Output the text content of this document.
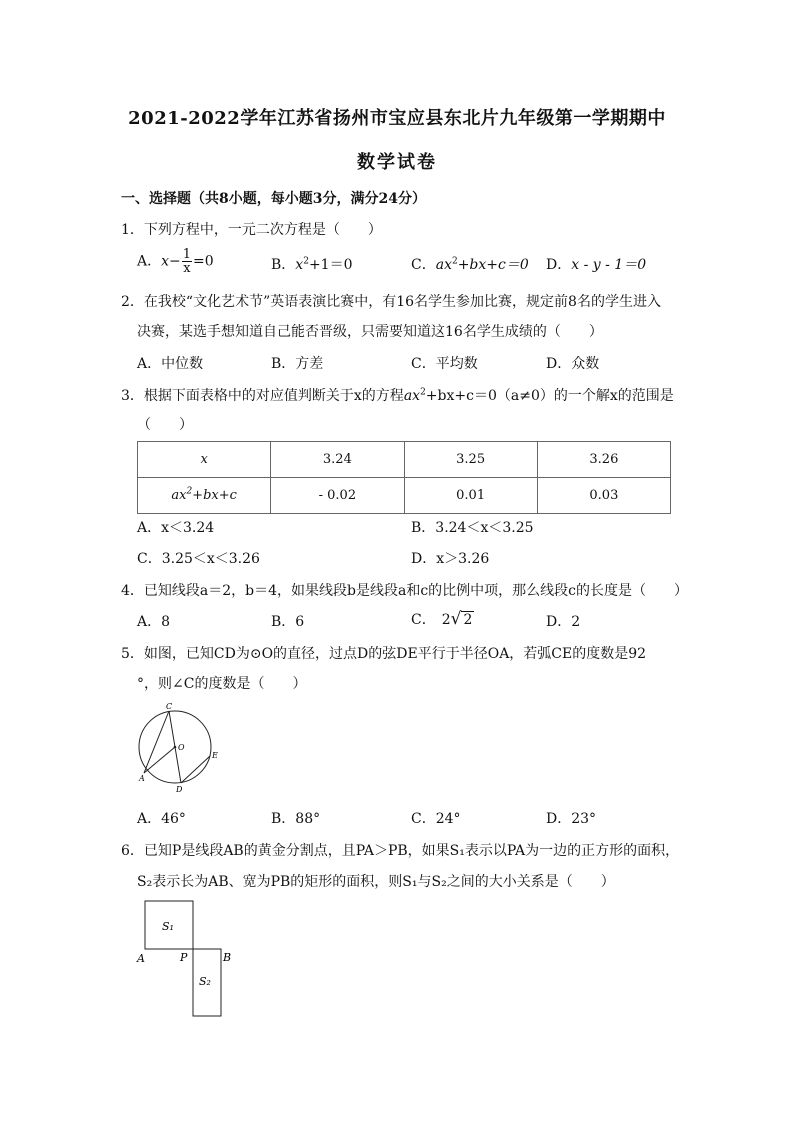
2021-2022学年江苏省扬州市宝应县东北片九年级第一学期期中
数学试卷
一、选择题（共8小题，每小题3分，满分24分）
1．下列方程中，一元二次方程是（　　）
A．$x- \frac{1}{x} =0$	B．$x^2+1=0$	C．$ax^2+bx+c=0$ D．x - y - 1＝0
2．在我校“文化艺术节”英语表演比赛中，有16名学生参加比赛，规定前8名的学生进入
决赛，某选手想知道自己能否晋级，只需要知道这16名学生成绩的（　　）
A．中位数	B．方差	C．平均数	D．众数
3．根据下面表格中的对应值判断关于x的方程$ax^2+bx+c=0(a\ne 0)$的一个解x的范围是
（　　）
x	3.24	3.25	3.26
$ax^2+bx+c$	- 0.02	0.01	0.03
A．x＜3.24	B．3.24＜x＜3.25
C．3.25＜x＜3.26	D．x＞3.26
4．已知线段a＝2，b＝4，如果线段b是线段a和c的比例中项，那么线段c的长度是（　　）
A．8	B．6	C． 2√ 2	D．2
5．如图，已知CD为⊙O的直径，过点D的弦DE平行于半径OA，若弧CE的度数是92
°，则∠C的度数是（　　）
C
O
A
D
E
A．46°	B．88°	C．24°	D．23°
6．已知P是线段AB的黄金分割点，且PA＞PB，如果S₁表示以PA为一边的正方形的面积，
S₂表示长为AB、宽为PB的矩形的面积，则S₁与S₂之间的大小关系是（　　）
S₁
S₂
A	P	B
